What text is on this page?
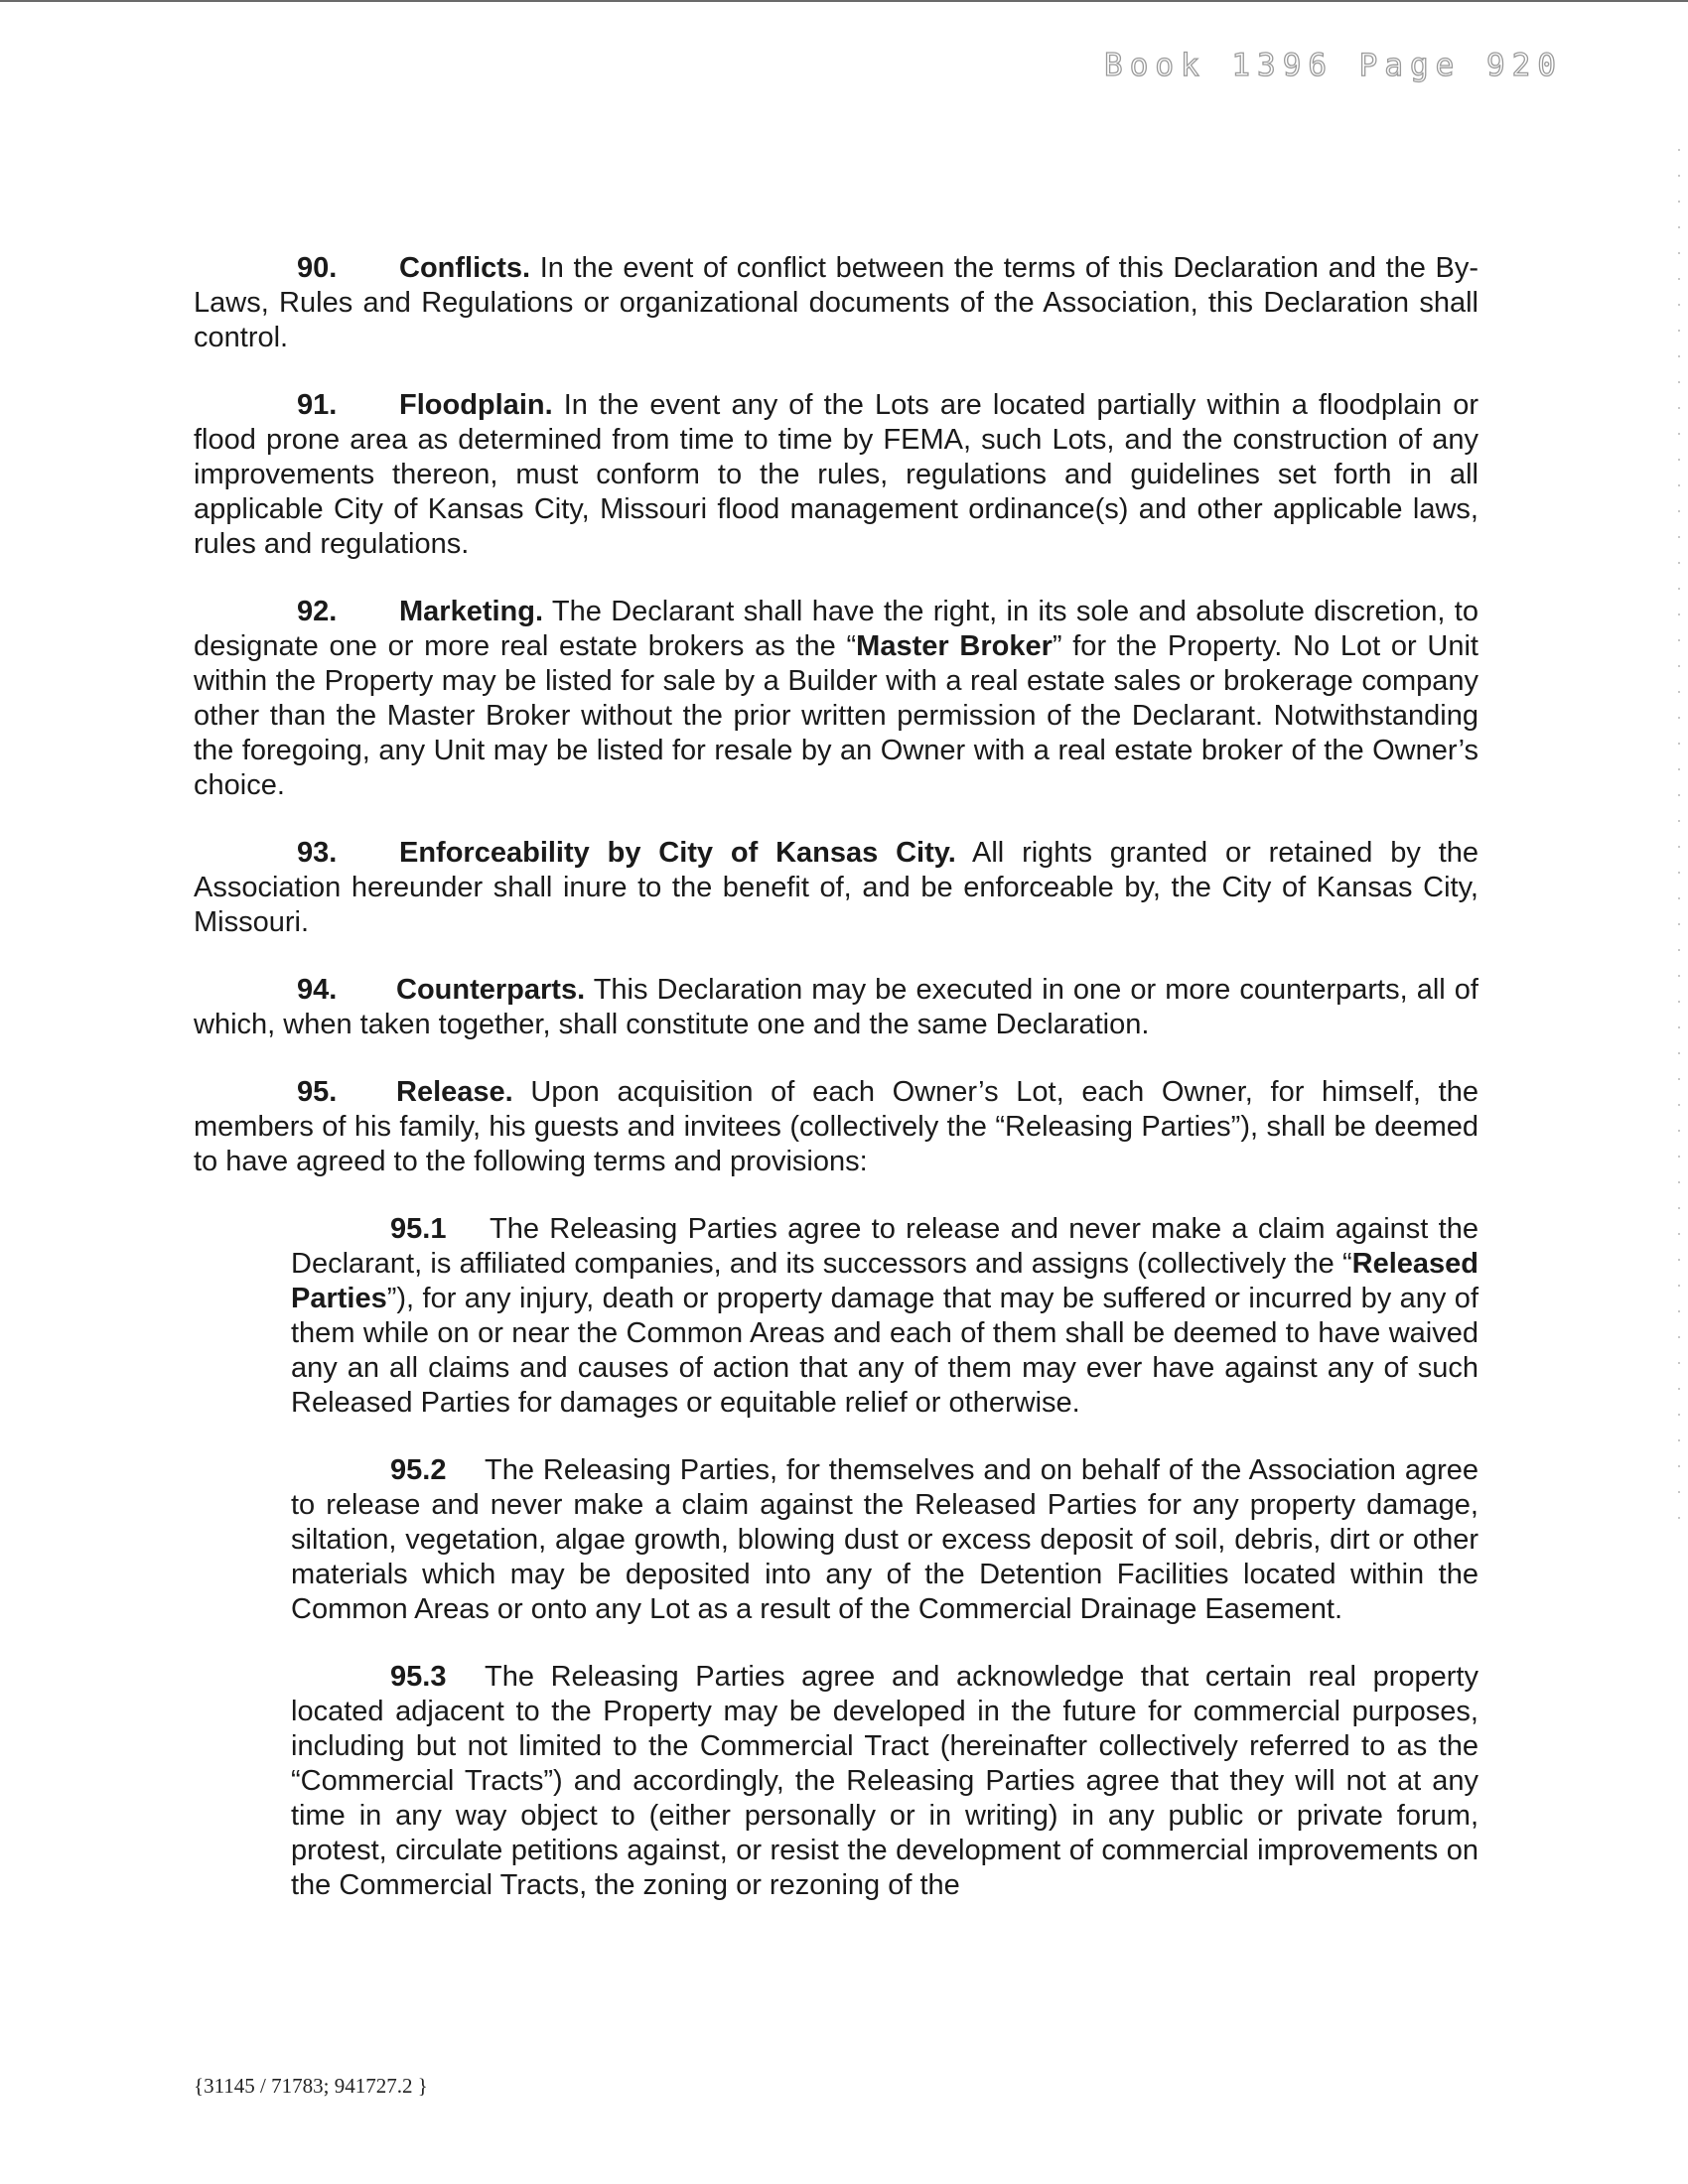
Book 1396 Page 920

90. Conflicts. In the event of conflict between the terms of this Declaration and the By-Laws, Rules and Regulations or organizational documents of the Association, this Declaration shall control.

91. Floodplain. In the event any of the Lots are located partially within a floodplain or flood prone area as determined from time to time by FEMA, such Lots, and the construction of any improvements thereon, must conform to the rules, regulations and guidelines set forth in all applicable City of Kansas City, Missouri flood management ordinance(s) and other applicable laws, rules and regulations.

92. Marketing. The Declarant shall have the right, in its sole and absolute discretion, to designate one or more real estate brokers as the “Master Broker” for the Property. No Lot or Unit within the Property may be listed for sale by a Builder with a real estate sales or brokerage company other than the Master Broker without the prior written permission of the Declarant. Notwithstanding the foregoing, any Unit may be listed for resale by an Owner with a real estate broker of the Owner’s choice.

93. Enforceability by City of Kansas City. All rights granted or retained by the Association hereunder shall inure to the benefit of, and be enforceable by, the City of Kansas City, Missouri.

94. Counterparts. This Declaration may be executed in one or more counterparts, all of which, when taken together, shall constitute one and the same Declaration.

95. Release. Upon acquisition of each Owner’s Lot, each Owner, for himself, the members of his family, his guests and invitees (collectively the “Releasing Parties”), shall be deemed to have agreed to the following terms and provisions:

95.1 The Releasing Parties agree to release and never make a claim against the Declarant, is affiliated companies, and its successors and assigns (collectively the “Released Parties”), for any injury, death or property damage that may be suffered or incurred by any of them while on or near the Common Areas and each of them shall be deemed to have waived any an all claims and causes of action that any of them may ever have against any of such Released Parties for damages or equitable relief or otherwise.

95.2 The Releasing Parties, for themselves and on behalf of the Association agree to release and never make a claim against the Released Parties for any property damage, siltation, vegetation, algae growth, blowing dust or excess deposit of soil, debris, dirt or other materials which may be deposited into any of the Detention Facilities located within the Common Areas or onto any Lot as a result of the Commercial Drainage Easement.

95.3 The Releasing Parties agree and acknowledge that certain real property located adjacent to the Property may be developed in the future for commercial purposes, including but not limited to the Commercial Tract (hereinafter collectively referred to as the “Commercial Tracts”) and accordingly, the Releasing Parties agree that they will not at any time in any way object to (either personally or in writing) in any public or private forum, protest, circulate petitions against, or resist the development of commercial improvements on the Commercial Tracts, the zoning or rezoning of the

{31145 / 71783; 941727.2 }
